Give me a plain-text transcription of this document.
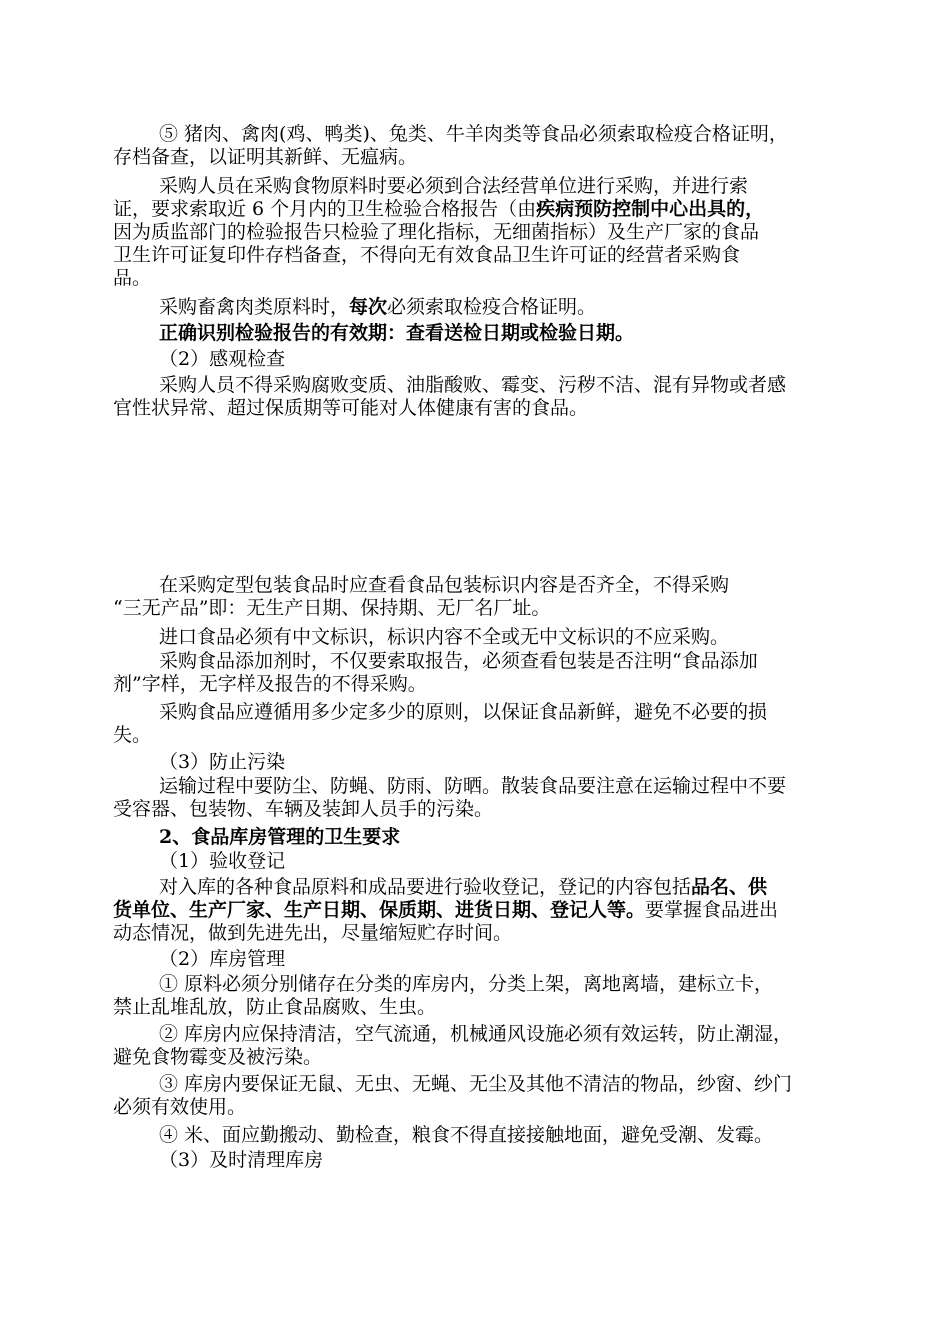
⑤ 猪肉、禽肉(鸡、鸭类)、兔类、牛羊肉类等食品必须索取检疫合格证明，
存档备查，以证明其新鲜、无瘟病。
采购人员在采购食物原料时要必须到合法经营单位进行采购，并进行索
证，要求索取近 6 个月内的卫生检验合格报告（由疾病预防控制中心出具的，
因为质监部门的检验报告只检验了理化指标，无细菌指标）及生产厂家的食品
卫生许可证复印件存档备查，不得向无有效食品卫生许可证的经营者采购食
品。
采购畜禽肉类原料时，每次必须索取检疫合格证明。
正确识别检验报告的有效期：查看送检日期或检验日期。
（2）感观检查
采购人员不得采购腐败变质、油脂酸败、霉变、污秽不洁、混有异物或者感
官性状异常、超过保质期等可能对人体健康有害的食品。
在采购定型包装食品时应查看食品包装标识内容是否齐全，不得采购
“三无产品”即：无生产日期、保持期、无厂名厂址。
进口食品必须有中文标识，标识内容不全或无中文标识的不应采购。
采购食品添加剂时，不仅要索取报告，必须查看包装是否注明“食品添加
剂”字样，无字样及报告的不得采购。
采购食品应遵循用多少定多少的原则，以保证食品新鲜，避免不必要的损
失。
（3）防止污染
运输过程中要防尘、防蝇、防雨、防晒。散装食品要注意在运输过程中不要
受容器、包装物、车辆及装卸人员手的污染。
2、食品库房管理的卫生要求
（1）验收登记
对入库的各种食品原料和成品要进行验收登记，登记的内容包括品名、供
货单位、生产厂家、生产日期、保质期、进货日期、登记人等。要掌握食品进出
动态情况，做到先进先出，尽量缩短贮存时间。
（2）库房管理
① 原料必须分别储存在分类的库房内，分类上架，离地离墙，建标立卡，
禁止乱堆乱放，防止食品腐败、生虫。
② 库房内应保持清洁，空气流通，机械通风设施必须有效运转，防止潮湿，
避免食物霉变及被污染。
③ 库房内要保证无鼠、无虫、无蝇、无尘及其他不清洁的物品，纱窗、纱门
必须有效使用。
④ 米、面应勤搬动、勤检查，粮食不得直接接触地面，避免受潮、发霉。
（3）及时清理库房
